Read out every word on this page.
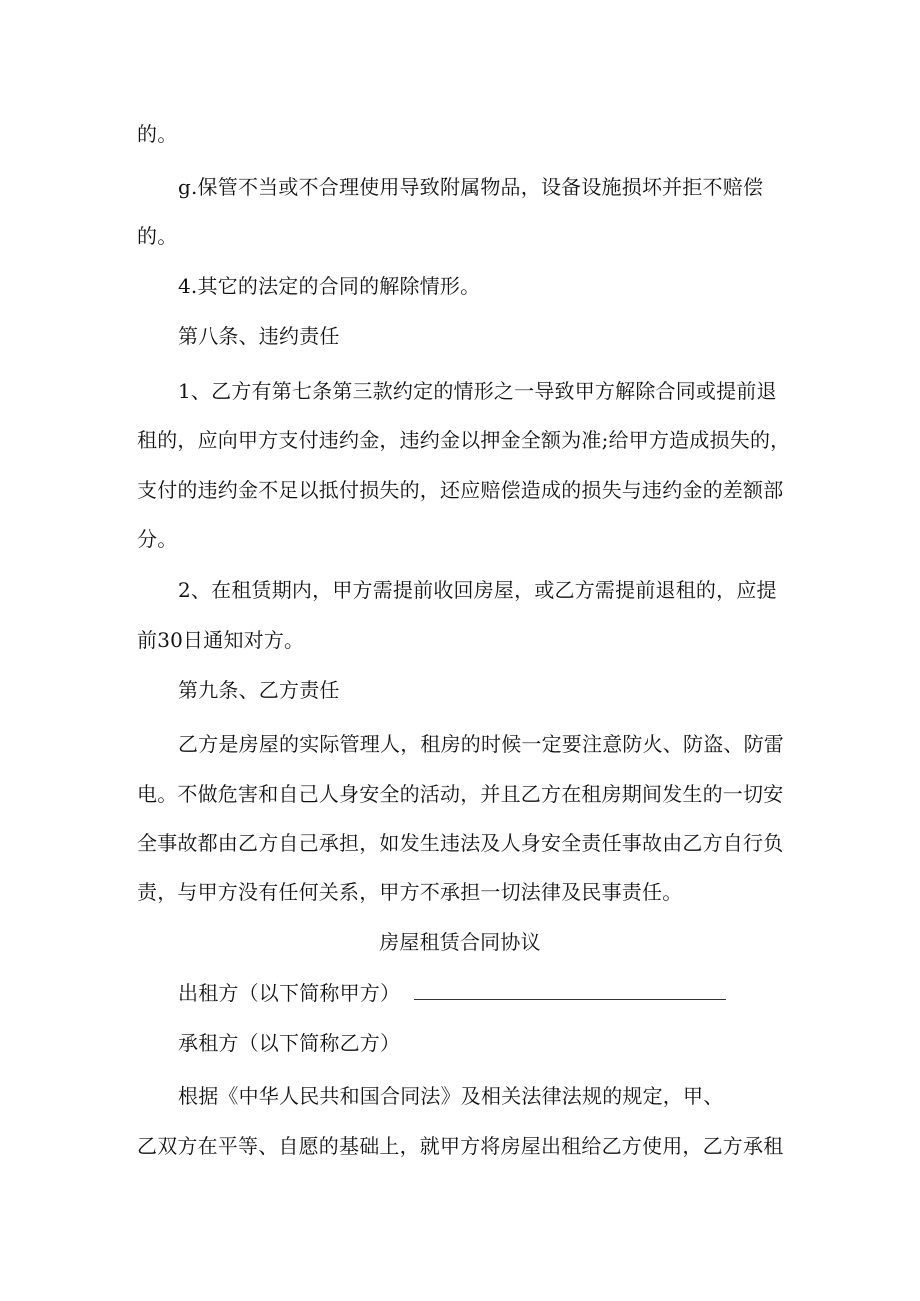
的。
g.保管不当或不合理使用导致附属物品，设备设施损坏并拒不赔偿
的。
4.其它的法定的合同的解除情形。
第八条、违约责任
1、乙方有第七条第三款约定的情形之一导致甲方解除合同或提前退
租的，应向甲方支付违约金，违约金以押金全额为准;给甲方造成损失的，
支付的违约金不足以抵付损失的，还应赔偿造成的损失与违约金的差额部
分。
2、在租赁期内，甲方需提前收回房屋，或乙方需提前退租的，应提
前30日通知对方。
第九条、乙方责任
乙方是房屋的实际管理人，租房的时候一定要注意防火、防盗、防雷
电。不做危害和自己人身安全的活动，并且乙方在租房期间发生的一切安
全事故都由乙方自己承担，如发生违法及人身安全责任事故由乙方自行负
责，与甲方没有任何关系，甲方不承担一切法律及民事责任。
房屋租赁合同协议
出租方（以下简称甲方）
承租方（以下简称乙方）
根据《中华人民共和国合同法》及相关法律法规的规定，甲、
乙双方在平等、自愿的基础上，就甲方将房屋出租给乙方使用，乙方承租
